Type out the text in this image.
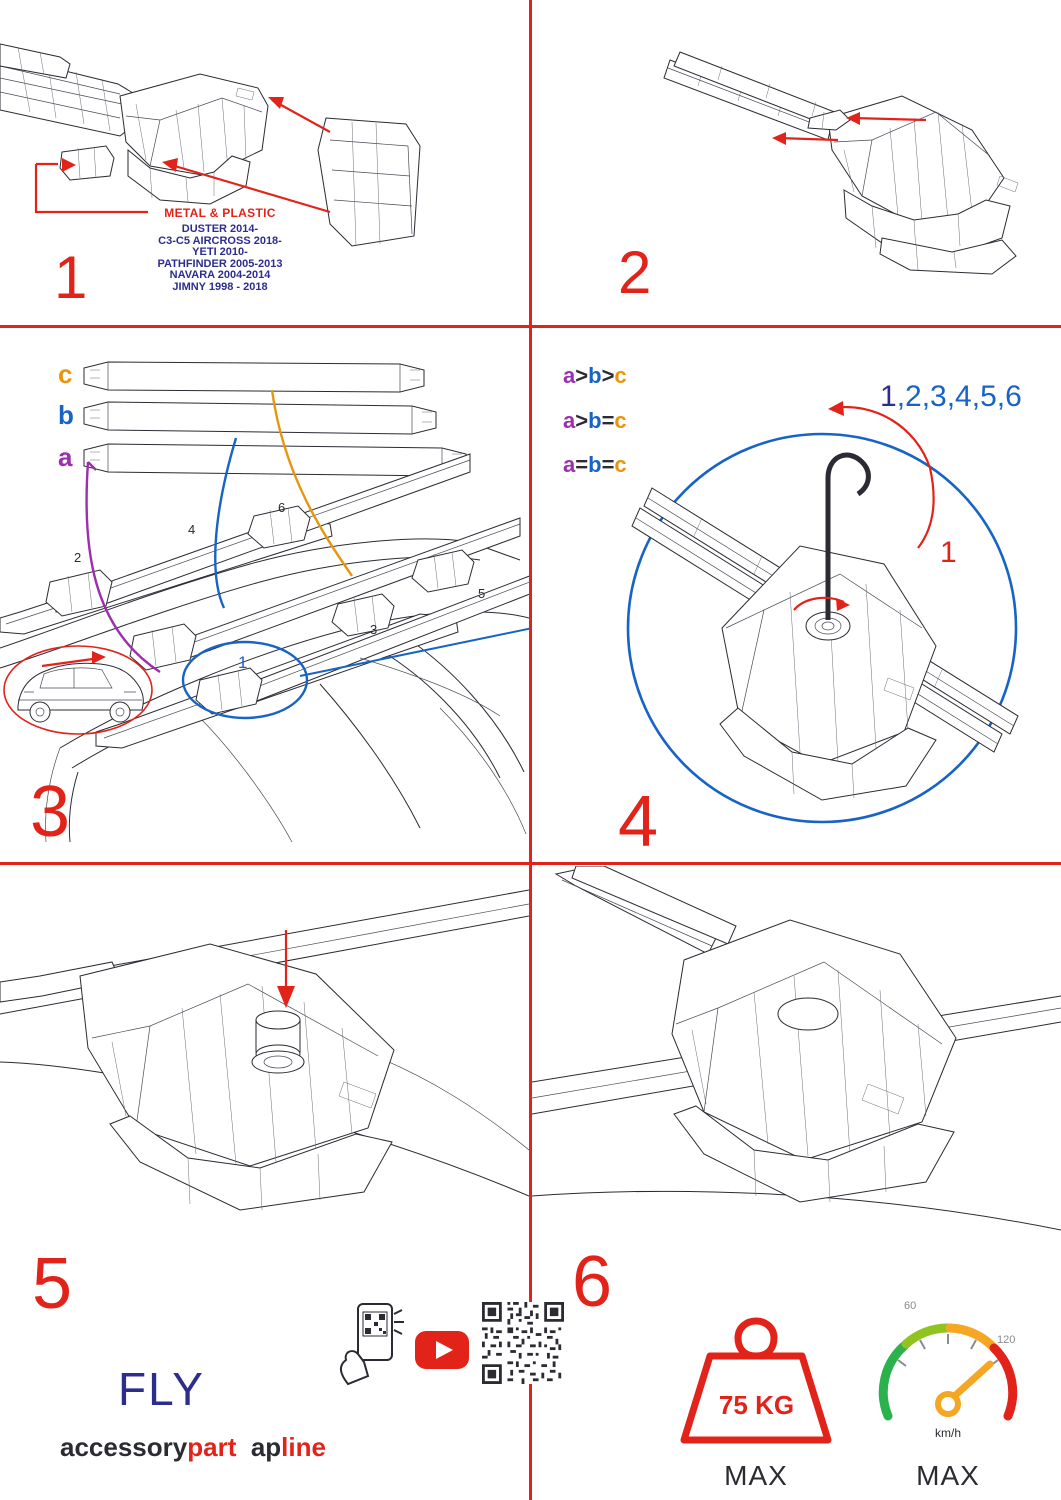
METAL & PLASTIC
DUSTER 2014-
C3-C5 AIRCROSS 2018-
YETI 2010-
PATHFINDER 2005-2013
NAVARA 2004-2014
JIMNY 1998 - 2018
1	2
c
b
a
2
4
6
3
5
1
3
a>b>c
a>b=c
a=b=c
1,2,3,4,5,6
1
4
5
FLY
accessorypart apline
6
75 KG
MAX
60
120
km/h
MAX
